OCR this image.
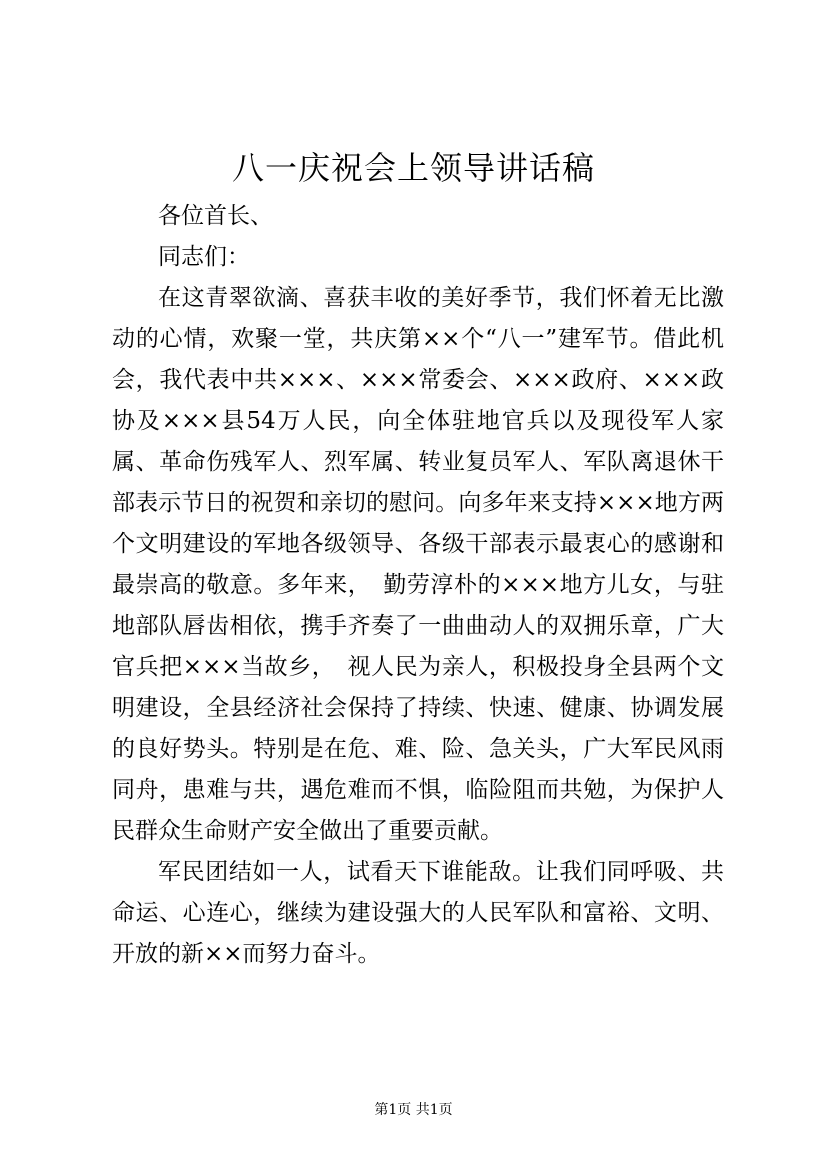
八一庆祝会上领导讲话稿

各位首长、

同志们：

在这青翠欲滴、喜获丰收的美好季节，我们怀着无比激动的心情，欢聚一堂，共庆第××个“八一”建军节。借此机会，我代表中共×××、×××常委会、×××政府、×××政协及×××县54万人民，向全体驻地官兵以及现役军人家属、革命伤残军人、烈军属、转业复员军人、军队离退休干部表示节日的祝贺和亲切的慰问。向多年来支持×××地方两个文明建设的军地各级领导、各级干部表示最衷心的感谢和最崇高的敬意。多年来，　勤劳淳朴的×××地方儿女，与驻地部队唇齿相依，携手齐奏了一曲曲动人的双拥乐章，广大官兵把×××当故乡，　视人民为亲人，积极投身全县两个文明建设，全县经济社会保持了持续、快速、健康、协调发展的良好势头。特别是在危、难、险、急关头，广大军民风雨同舟，患难与共，遇危难而不惧，临险阻而共勉，为保护人民群众生命财产安全做出了重要贡献。

军民团结如一人，试看天下谁能敌。让我们同呼吸、共命运、心连心，继续为建设强大的人民军队和富裕、文明、开放的新××而努力奋斗。

第1页 共1页
